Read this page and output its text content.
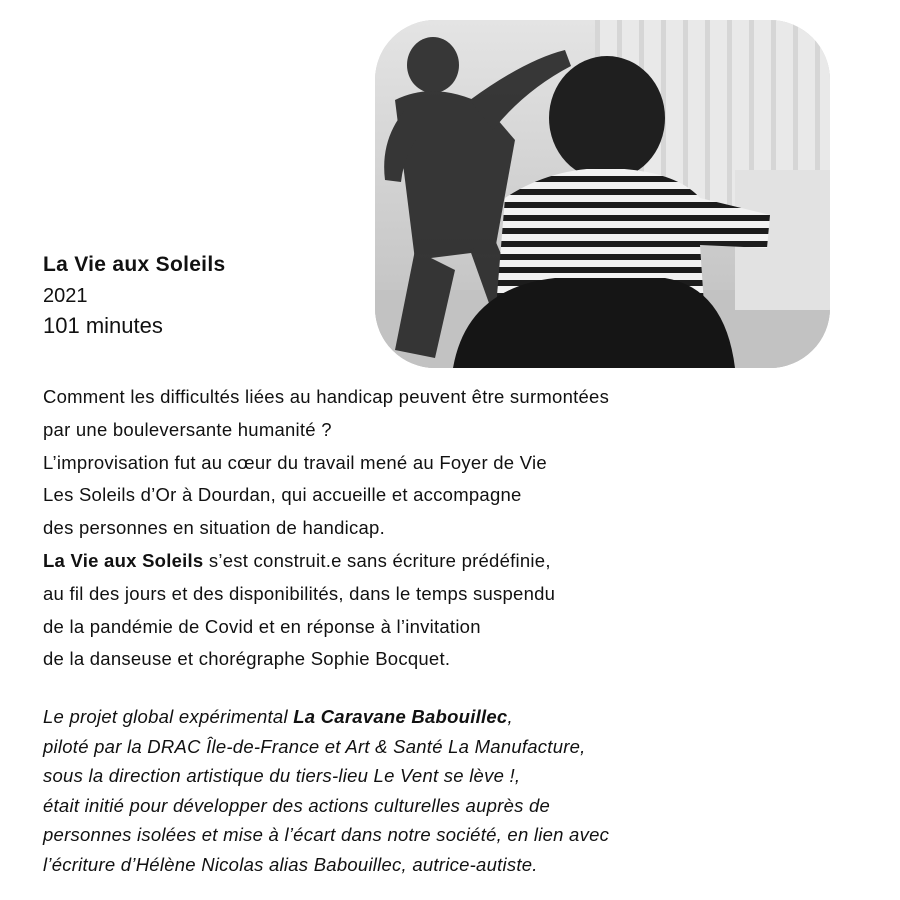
La Vie aux Soleils
2021
101 minutes

Comment les difficultés liées au handicap peuvent être surmontées
par une bouleversante humanité ?
L’improvisation fut au cœur du travail mené au Foyer de Vie
Les Soleils d’Or à Dourdan, qui accueille et accompagne
des personnes en situation de handicap.
La Vie aux Soleils s’est construit.e sans écriture prédéfinie,
au fil des jours et des disponibilités, dans le temps suspendu
de la pandémie de Covid et en réponse à l’invitation
de la danseuse et chorégraphe Sophie Bocquet.

Le projet global expérimental La Caravane Babouillec,
piloté par la DRAC Île-de-France et Art & Santé La Manufacture,
sous la direction artistique du tiers-lieu Le Vent se lève !,
était initié pour développer des actions culturelles auprès de
personnes isolées et mise à l’écart dans notre société, en lien avec
l’écriture d’Hélène Nicolas alias Babouillec, autrice-autiste.
